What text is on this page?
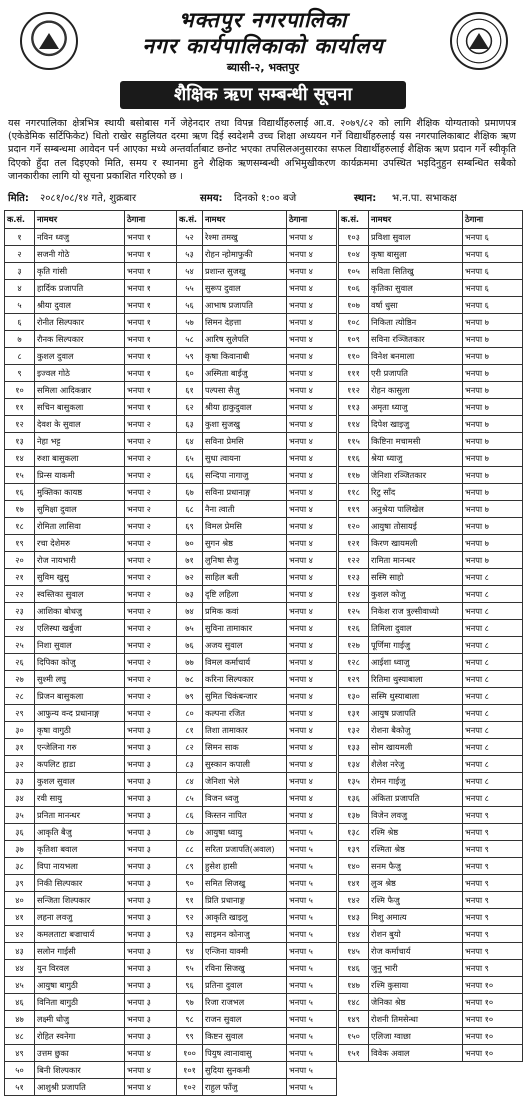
भक्तपुर नगरपालिका
नगर कार्यपालिकाको कार्यालय
ब्यासी-२, भक्तपुर
शैक्षिक ऋण सम्बन्धी सूचना
यस नगरपालिका क्षेत्रभित्र स्थायी बसोबास गर्ने जेहेनदार तथा विपन्न विद्यार्थीहरुलाई आ.व. २०७९/८२ को लागि शैक्षिक योग्यताको प्रमाणपत्र (एकेडेमिक सर्टिफिकेट) धितो राखेर सहुलियत दरमा ऋण दिई स्वदेशमै उच्च शिक्षा अध्ययन गर्ने विद्यार्थीहरुलाई यस नगरपालिकाबाट शैक्षिक ऋण प्रदान गर्ने सम्बन्धमा आवेदन पर्न आएका मध्ये अन्तर्वार्ताबाट छनोट भएका तपसिलअनुसारका सफल विद्यार्थीहरुलाई शैक्षिक ऋण प्रदान गर्ने स्वीकृति दिएको हुँदा तल दिइएको मिति, समय र स्थानमा हुने शैक्षिक ऋणसम्बन्धी अभिमुखीकरण कार्यक्रममा उपस्थित भइदिनुहुन सम्बन्धित सबैको जानकारीका लागि यो सूचना प्रकाशित गरिएको छ ।
मिति: २०८१/०८/१४ गते, शुक्रबार	समय: दिनको १:०० बजे	स्थान: भ.न.पा. सभाकक्ष
क.सं.	नामथर	ठेगाना
१	नविन ध्वजु	भनपा १
२	सजनी गोठे	भनपा १
३	कृति गांसी	भनपा १
४	हार्दिक प्रजापति	भनपा १
५	श्रीया दुवाल	भनपा १
६	रोनीत सिल्पकार	भनपा १
७	रौनक सिल्पकार	भनपा १
८	कुशल दुवाल	भनपा १
९	इज्वल गोठे	भनपा १
१०	समिला आदिकन्नार	भनपा १
११	सचिन बासुकला	भनपा १
१२	देवश के सुवाल	भनपा २
१३	नेहा भट्ट	भनपा २
१४	रुशा बासुकला	भनपा २
१५	प्रिन्स याकमी	भनपा २
१६	मुक्तिका कायष्ठ	भनपा २
१७	सुमिक्षा दुवाल	भनपा २
१८	रोमिता लासिवा	भनपा २
१९	रचा देशेमरु	भनपा २
२०	रोज नायभारी	भनपा २
२१	सुविम खुसु	भनपा २
२२	स्वस्तिका सुवाल	भनपा २
२३	आशिका बोधजु	भनपा २
२४	एलिस्था खर्बुजा	भनपा २
२५	निशा सुवाल	भनपा २
२६	दिपिका कोजु	भनपा २
२७	सुश्मी लघु	भनपा २
२८	प्रिजन बासुकला	भनपा २
२९	आफुन्य वन्द प्रधानाङ्ग	भनपा २
३०	कृषा वागुठी	भनपा ३
३१	एन्जेलिना गरु	भनपा ३
३२	कपलिट हाडा	भनपा ३
३३	कुशल सुवाल	भनपा ३
३४	रवी सायु	भनपा ३
३५	प्रनिता मानन्धर	भनपा ३
३६	आकृति बैजु	भनपा ३
३७	कृतिशा बवाल	भनपा ३
३८	विपा नायभला	भनपा ३
३९	निकी सिल्पकार	भनपा ३
४०	सन्जिता शिल्पकार	भनपा ३
४१	लहना लवजु	भनपा ३
४२	कमलताटा बज्राचार्य	भनपा ३
४३	सलोन गाईसी	भनपा ३
४४	युन विरवल	भनपा ३
४५	आयुषा बागुठी	भनपा ३
४६	विनिता बागुठी	भनपा ३
४७	लक्ष्मी धोजु	भनपा ३
४८	रोहित स्वनेगा	भनपा ३
४९	उत्तम छुका	भनपा ४
५०	बिनी शिल्पकार	भनपा ४
५१	आशुश्री प्रजापति	भनपा ४
क.सं.	नामथर	ठेगाना
५२	रेश्मा तमखु	भनपा ४
५३	रोहन न्होमाफुकी	भनपा ४
५४	प्रशान्त सुजखु	भनपा ४
५५	सुरूप दुवाल	भनपा ४
५६	आभाष प्रजापति	भनपा ४
५७	सिमन देहत्ता	भनपा ४
५८	आरिष सुलेपति	भनपा ४
५९	कृषा किवानाबी	भनपा ४
६०	अस्मिता बाईजु	भनपा ४
६१	पल्पसा सैजु	भनपा ४
६२	श्रीया हाकुदुवाल	भनपा ४
६३	कुशा सुजखु	भनपा ४
६४	सविना प्रेमसि	भनपा ४
६५	सुधा त्वायना	भनपा ४
६६	सन्दिपा नागाजु	भनपा ४
६७	सविना प्रधानाङ्ग	भनपा ४
६८	नैना त्वाती	भनपा ४
६९	विमल प्रेमसि	भनपा ४
७०	सुगन श्रेष्ठ	भनपा ४
७१	लुनिषा सैजु	भनपा ४
७२	साहिल बती	भनपा ४
७३	दृष्टि लहिला	भनपा ४
७४	प्रमिक कवां	भनपा ४
७५	सुविना तामाकार	भनपा ४
७६	अजय सुवाल	भनपा ४
७७	विमल कर्माचार्य	भनपा ४
७८	करिना सिल्पकार	भनपा ४
७९	सुमित चिकंबन्जार	भनपा ४
८०	कल्पना रजित	भनपा ४
८१	तिशा तामाकार	भनपा ४
८२	सिमन साक	भनपा ४
८३	सुस्कान कपाली	भनपा ४
८४	जेनिशा भेले	भनपा ४
८५	विजन ध्वजु	भनपा ४
८६	किस्तन नापित	भनपा ४
८७	आयुषा ध्वायु	भनपा ५
८८	सरिता प्रजापति(अवाल)	भनपा ५
८९	हुसेश हासी	भनपा ५
९०	समित सिजखु	भनपा ५
९१	प्रिति प्रधानाङ्ग	भनपा ५
९२	आकृति खाइलु	भनपा ५
९३	साइमन कोनाजु	भनपा ५
९४	एन्जिना याक्मी	भनपा ५
९५	रविना सिजखु	भनपा ५
९६	प्रतिना दुवाल	भनपा ५
९७	रिजा राजभल	भनपा ५
९८	राजन सुवाल	भनपा ५
९९	किष्टन सुवाल	भनपा ५
१००	पियुष त्वानावासु	भनपा ५
१०१	सुदिया सुनकमी	भनपा ५
१०२	राहुल फाँजु	भनपा ५
क.सं.	नामथर	ठेगाना
१०३	प्रविशा सुवाल	भनपा ६
१०४	कृषा बासुला	भनपा ६
१०५	सविता सितिखु	भनपा ६
१०६	कृतिका सुवाल	भनपा ६
१०७	वर्षा धुसा	भनपा ६
१०८	निकिता त्योष्ठिन	भनपा ७
१०९	सविना रञ्जितकार	भनपा ७
११०	विनेश बनमाला	भनपा ७
१११	एरी प्रजापति	भनपा ७
११२	रोहन कासुला	भनपा ७
११३	अमृता ध्याजु	भनपा ७
११४	दिपेश खाइजु	भनपा ७
११५	किष्टिना मचामसी	भनपा ७
११६	श्रेया ध्याजु	भनपा ७
११७	जेनिशा रञ्जितकार	भनपा ७
११८	रिटु साँद	भनपा ७
११९	अनुश्रेया पालिखेल	भनपा ७
१२०	आयुषा तोसायई	भनपा ७
१२१	किरण खायमली	भनपा ७
१२२	रामिता मानन्धर	भनपा ७
१२३	सस्मि साहो	भनपा ८
१२४	कुशल कोजु	भनपा ८
१२५	निकेश राज त्रुल्सीवाध्यो	भनपा ८
१२६	तिमिला दुवाल	भनपा ८
१२७	पूर्णिमा गाईजु	भनपा ८
१२८	आईशा ध्वाजु	भनपा ८
१२९	रितिमा थुस्याबाला	भनपा ८
१३०	सस्मि थुस्याबाला	भनपा ८
१३१	आयुष प्रजापति	भनपा ८
१३२	रोशना बैकोजु	भनपा ८
१३३	सोम खायमली	भनपा ८
१३४	शैलेश नरेजु	भनपा ८
१३५	रोमन गाईजु	भनपा ८
१३६	अंकिता प्रजापति	भनपा ८
१३७	विजेन लवजु	भनपा ९
१३८	रश्मि श्रेष्ठ	भनपा ९
१३९	रश्मिता श्रेष्ठ	भनपा ९
१४०	सनम फैजु	भनपा ९
१४१	लुञ श्रेष्ठ	भनपा ९
१४२	रश्मि फैजु	भनपा ९
१४३	मिशु अमात्य	भनपा ९
१४४	रोशन बुयो	भनपा ९
१४५	रोज कर्माचार्य	भनपा ९
१४६	जुनु भारी	भनपा ९
१४७	रश्मि कुसाया	भनपा १०
१४८	जेनिका श्रेष्ठ	भनपा १०
१४९	रोशनी तिमसेन्धा	भनपा १०
१५०	एलिजा ग्वाछा	भनपा १०
१५१	विवेक अवाल	भनपा १०
